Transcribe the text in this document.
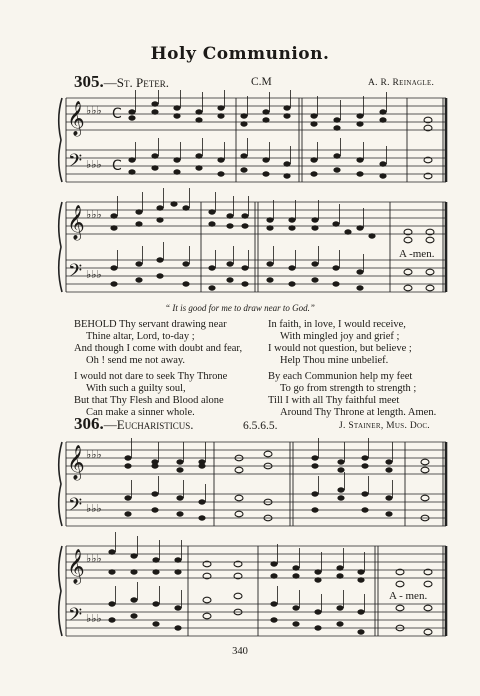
Holy Communion.
305.—St. Peter.	C.M	A. R. Reinagle.
𝄞
𝄢
♭♭♭
♭♭♭
C
C
𝄞
𝄢
♭♭♭
♭♭♭
A -men.
“ It is good for me to draw near to God.”
BEHOLD Thy servant drawing near
Thine altar, Lord, to-day ;
And though I come with doubt and fear,
Oh ! send me not away.
I would not dare to seek Thy Throne
With such a guilty soul,
But that Thy Flesh and Blood alone
Can make a sinner whole.
In faith, in love, I would receive,
With mingled joy and grief ;
I would not question, but believe ;
Help Thou mine unbelief.
By each Communion help my feet
To go from strength to strength ;
Till I with all Thy faithful meet
Around Thy Throne at length. Amen.
306.—Eucharisticus.	6.5.6.5.	J. Stainer, Mus. Doc.
𝄞
𝄢
♭♭♭
♭♭♭
𝄞
𝄢
♭♭♭
♭♭♭
A - men.
340
